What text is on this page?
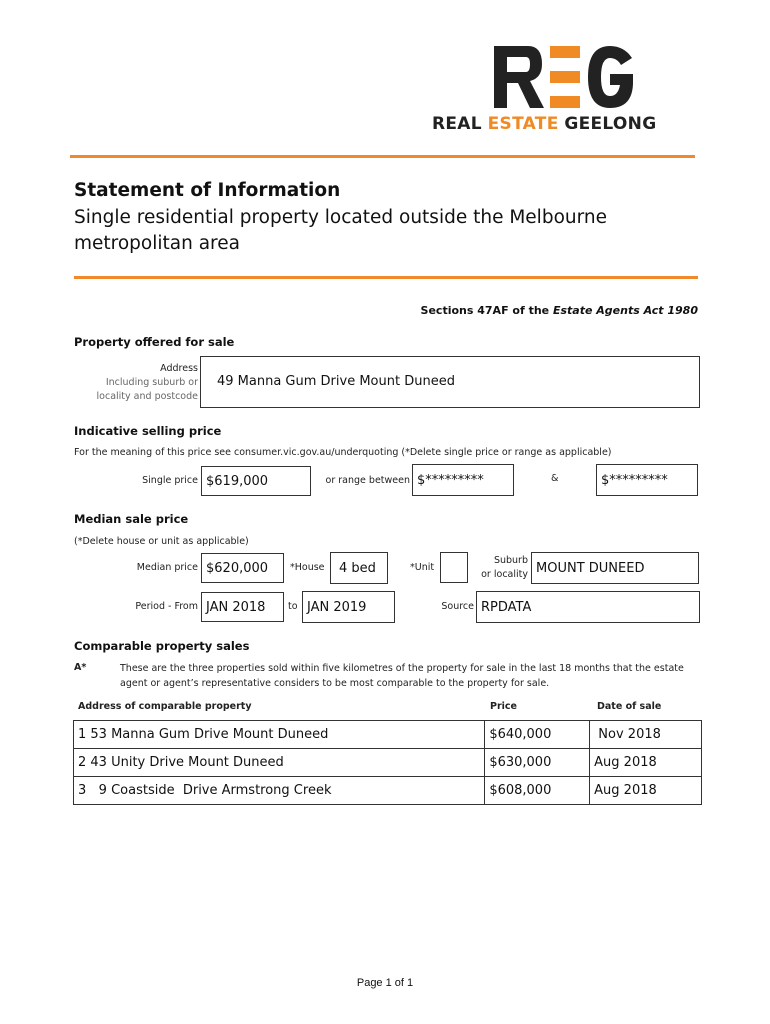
REAL ESTATE GEELONG
Statement of Information
Single residential property located outside the Melbourne metropolitan area
Sections 47AF of the Estate Agents Act 1980
Property offered for sale
Address
Including suburb or
locality and postcode
49 Manna Gum Drive Mount Duneed
Indicative selling price
For the meaning of this price see consumer.vic.gov.au/underquoting (*Delete single price or range as applicable)
Single price $619,000	or range between $*********	&	$*********
Median sale price
(*Delete house or unit as applicable)
Median price $620,000	*House	4 bed	*Unit
Suburb
or locality MOUNT DUNEED
Period - From JAN 2018	to JAN 2019	Source RPDATA
Comparable property sales
A*	These are the three properties sold within five kilometres of the property for sale in the last 18 months that the estate agent or agent’s representative considers to be most comparable to the property for sale.
Address of comparable property	Price	Date of sale
1 53 Manna Gum Drive Mount Duneed	$640,000	Nov 2018
2 43 Unity Drive Mount Duneed	$630,000	Aug 2018
3   9 Coastside  Drive Armstrong Creek	$608,000	Aug 2018
Page 1 of 1
